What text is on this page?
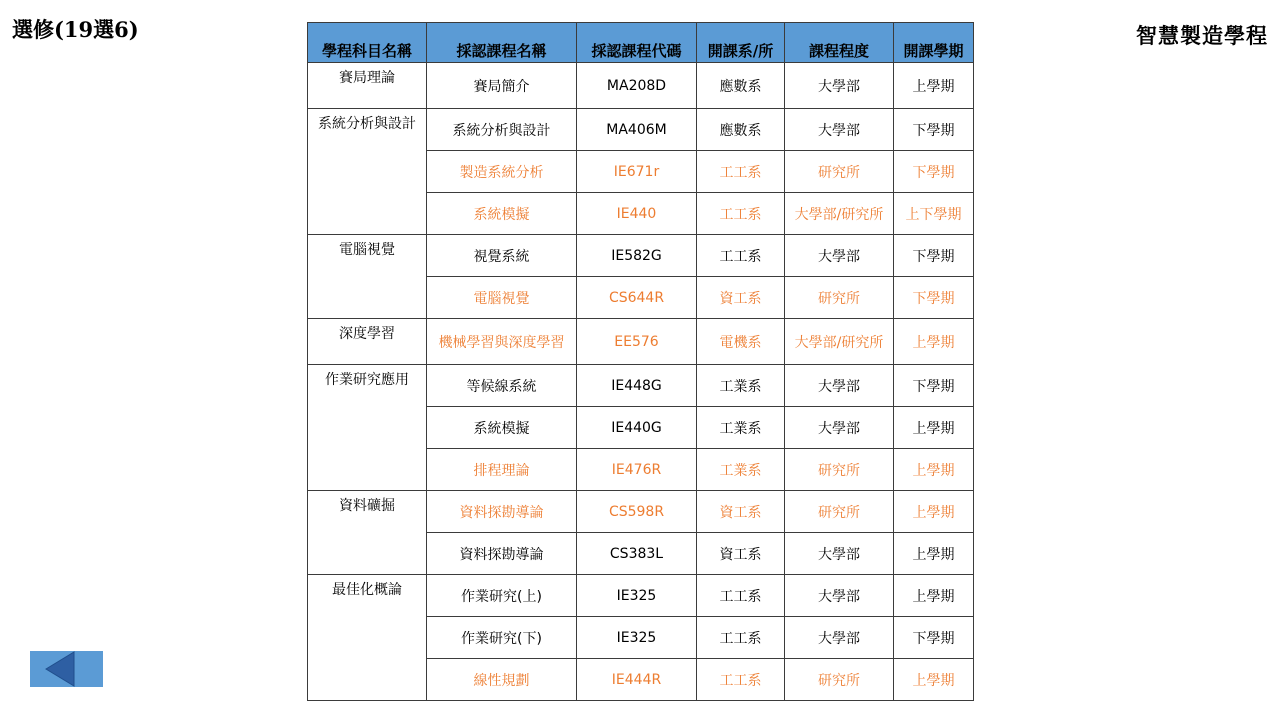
選修(19選6)	智慧製造學程
學程科目名稱	採認課程名稱	採認課程代碼	開課系/所	課程程度	開課學期
賽局理論	賽局簡介	MA208D	應數系	大學部	上學期
系統分析與設計	系統分析與設計	MA406M	應數系	大學部	下學期
	製造系統分析	IE671r	工工系	研究所	下學期
	系統模擬	IE440	工工系	大學部/研究所	上下學期
電腦視覺	視覺系統	IE582G	工工系	大學部	下學期
	電腦視覺	CS644R	資工系	研究所	下學期
深度學習	機械學習與深度學習	EE576	電機系	大學部/研究所	上學期
作業研究應用	等候線系統	IE448G	工業系	大學部	下學期
	系統模擬	IE440G	工業系	大學部	上學期
	排程理論	IE476R	工業系	研究所	上學期
資料礦掘	資料探勘導論	CS598R	資工系	研究所	上學期
	資料探勘導論	CS383L	資工系	大學部	上學期
最佳化概論	作業研究(上)	IE325	工工系	大學部	上學期
	作業研究(下)	IE325	工工系	大學部	下學期
	線性規劃	IE444R	工工系	研究所	上學期
